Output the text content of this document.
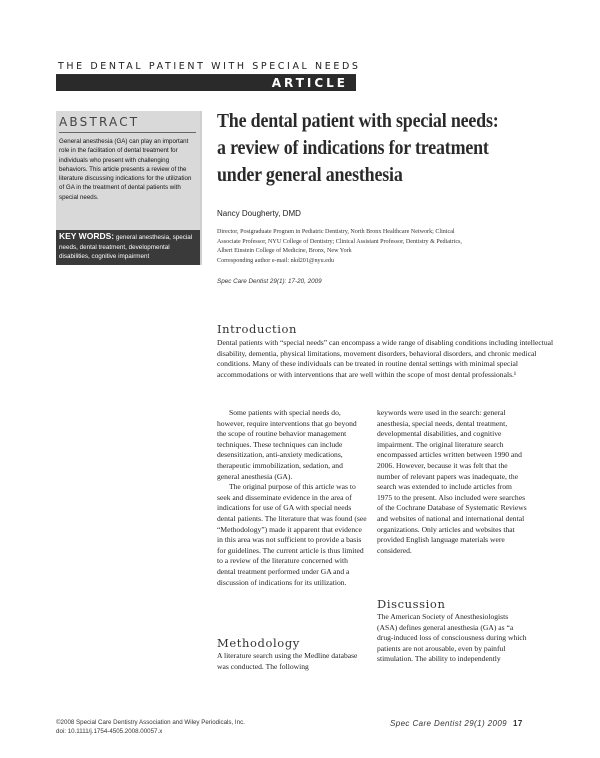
THE DENTAL PATIENT WITH SPECIAL NEEDS
ARTICLE
ABSTRACT
General anesthesia (GA) can play an important role in the facilitation of dental treatment for individuals who present with challenging behaviors. This article presents a review of the literature discussing indications for the utilization of GA in the treatment of dental patients with special needs.
KEY WORDS: general anesthesia, special needs, dental treatment, developmental disabilities, cognitive impairment
The dental patient with special needs:
a review of indications for treatment
under general anesthesia
Nancy Dougherty, DMD
Director, Postgraduate Program in Pediatric Dentistry, North Bronx Healthcare Network; Clinical
Associate Professor, NYU College of Dentistry; Clinical Assistant Professor, Dentistry & Pediatrics,
Albert Einstein College of Medicine, Bronx, New York
Corresponding author e-mail: nkd201@nyu.edu
Spec Care Dentist 29(1): 17-20, 2009
Introduction
Dental patients with “special needs” can encompass a wide range of disabling conditions including intellectual disability, dementia, physical limitations, movement disorders, behavioral disorders, and chronic medical conditions. Many of these individuals can be treated in routine dental settings with minimal special accommodations or with interventions that are well within the scope of most dental professionals.¹

Some patients with special needs do, however, require interventions that go beyond the scope of routine behavior management techniques. These techniques can include desensitization, anti-anxiety medications, therapeutic immobilization, sedation, and general anesthesia (GA).

The original purpose of this article was to seek and disseminate evidence in the area of indications for use of GA with special needs dental patients. The literature that was found (see “Methodology”) made it apparent that evidence in this area was not sufficient to provide a basis for guidelines. The current article is thus limited to a review of the literature concerned with dental treatment performed under GA and a discussion of indications for its utilization.

Methodology
A literature search using the Medline database was conducted. The following

keywords were used in the search: general anesthesia, special needs, dental treatment, developmental disabilities, and cognitive impairment. The original literature search encompassed articles written between 1990 and 2006. However, because it was felt that the number of relevant papers was inadequate, the search was extended to include articles from 1975 to the present. Also included were searches of the Cochrane Database of Systematic Reviews and websites of national and international dental organizations. Only articles and websites that provided English language materials were considered.

Discussion
The American Society of Anesthesiologists (ASA) defines general anesthesia (GA) as “a drug-induced loss of consciousness during which patients are not arousable, even by painful stimulation. The ability to independently
©2008 Special Care Dentistry Association and Wiley Periodicals, Inc.
doi: 10.1111/j.1754-4505.2008.00057.x
Spec Care Dentist 29(1) 2009 17
